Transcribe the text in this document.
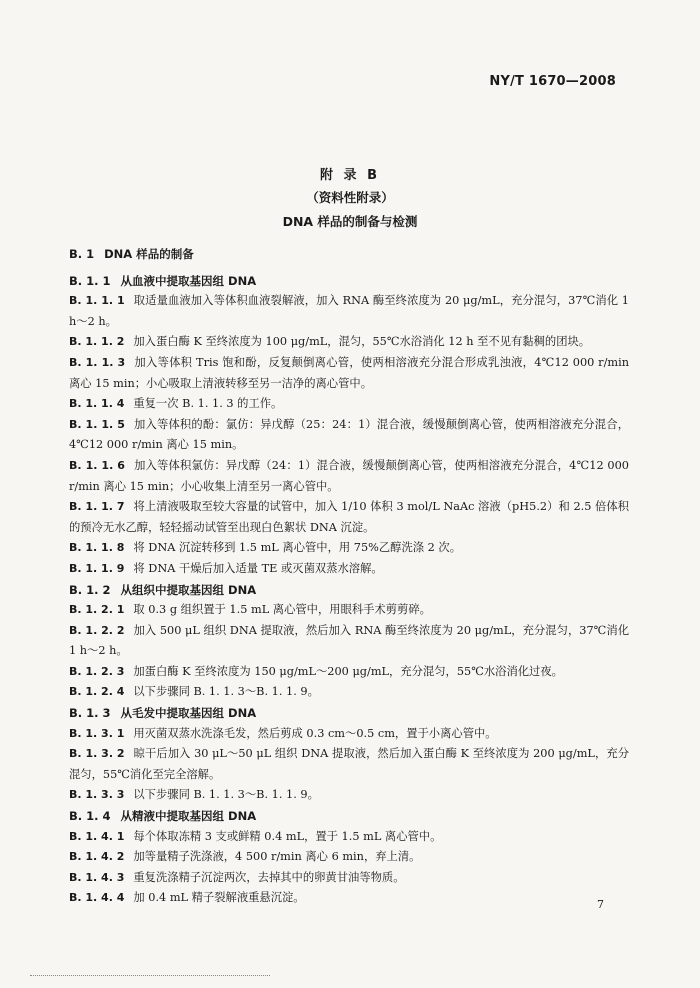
NY/T 1670—2008
附 录 B
（资料性附录）
DNA 样品的制备与检测
B. 1 DNA 样品的制备
B. 1. 1 从血液中提取基因组 DNA
B. 1. 1. 1 取适量血液加入等体积血液裂解液，加入 RNA 酶至终浓度为 20 μg/mL，充分混匀，37℃消化 1 h～2 h。
B. 1. 1. 2 加入蛋白酶 K 至终浓度为 100 μg/mL，混匀，55℃水浴消化 12 h 至不见有黏稠的团块。
B. 1. 1. 3 加入等体积 Tris 饱和酚，反复颠倒离心管，使两相溶液充分混合形成乳浊液，4℃12 000 r/min 离心 15 min；小心吸取上清液转移至另一洁净的离心管中。
B. 1. 1. 4 重复一次 B. 1. 1. 3 的工作。
B. 1. 1. 5 加入等体积的酚：氯仿：异戊醇（25：24：1）混合液，缓慢颠倒离心管，使两相溶液充分混合，4℃12 000 r/min 离心 15 min。
B. 1. 1. 6 加入等体积氯仿：异戊醇（24：1）混合液，缓慢颠倒离心管，使两相溶液充分混合，4℃12 000 r/min 离心 15 min；小心收集上清至另一离心管中。
B. 1. 1. 7 将上清液吸取至较大容量的试管中，加入 1/10 体积 3 mol/L NaAc 溶液（pH5.2）和 2.5 倍体积的预冷无水乙醇，轻轻摇动试管至出现白色絮状 DNA 沉淀。
B. 1. 1. 8 将 DNA 沉淀转移到 1.5 mL 离心管中，用 75%乙醇洗涤 2 次。
B. 1. 1. 9 将 DNA 干燥后加入适量 TE 或灭菌双蒸水溶解。
B. 1. 2 从组织中提取基因组 DNA
B. 1. 2. 1 取 0.3 g 组织置于 1.5 mL 离心管中，用眼科手术剪剪碎。
B. 1. 2. 2 加入 500 μL 组织 DNA 提取液，然后加入 RNA 酶至终浓度为 20 μg/mL，充分混匀，37℃消化 1 h～2 h。
B. 1. 2. 3 加蛋白酶 K 至终浓度为 150 μg/mL～200 μg/mL，充分混匀，55℃水浴消化过夜。
B. 1. 2. 4 以下步骤同 B. 1. 1. 3～B. 1. 1. 9。
B. 1. 3 从毛发中提取基因组 DNA
B. 1. 3. 1 用灭菌双蒸水洗涤毛发，然后剪成 0.3 cm～0.5 cm，置于小离心管中。
B. 1. 3. 2 晾干后加入 30 μL～50 μL 组织 DNA 提取液，然后加入蛋白酶 K 至终浓度为 200 μg/mL，充分混匀，55℃消化至完全溶解。
B. 1. 3. 3 以下步骤同 B. 1. 1. 3～B. 1. 1. 9。
B. 1. 4 从精液中提取基因组 DNA
B. 1. 4. 1 每个体取冻精 3 支或鲜精 0.4 mL，置于 1.5 mL 离心管中。
B. 1. 4. 2 加等量精子洗涤液，4 500 r/min 离心 6 min，弃上清。
B. 1. 4. 3 重复洗涤精子沉淀两次，去掉其中的卵黄甘油等物质。
B. 1. 4. 4 加 0.4 mL 精子裂解液重悬沉淀。
7
